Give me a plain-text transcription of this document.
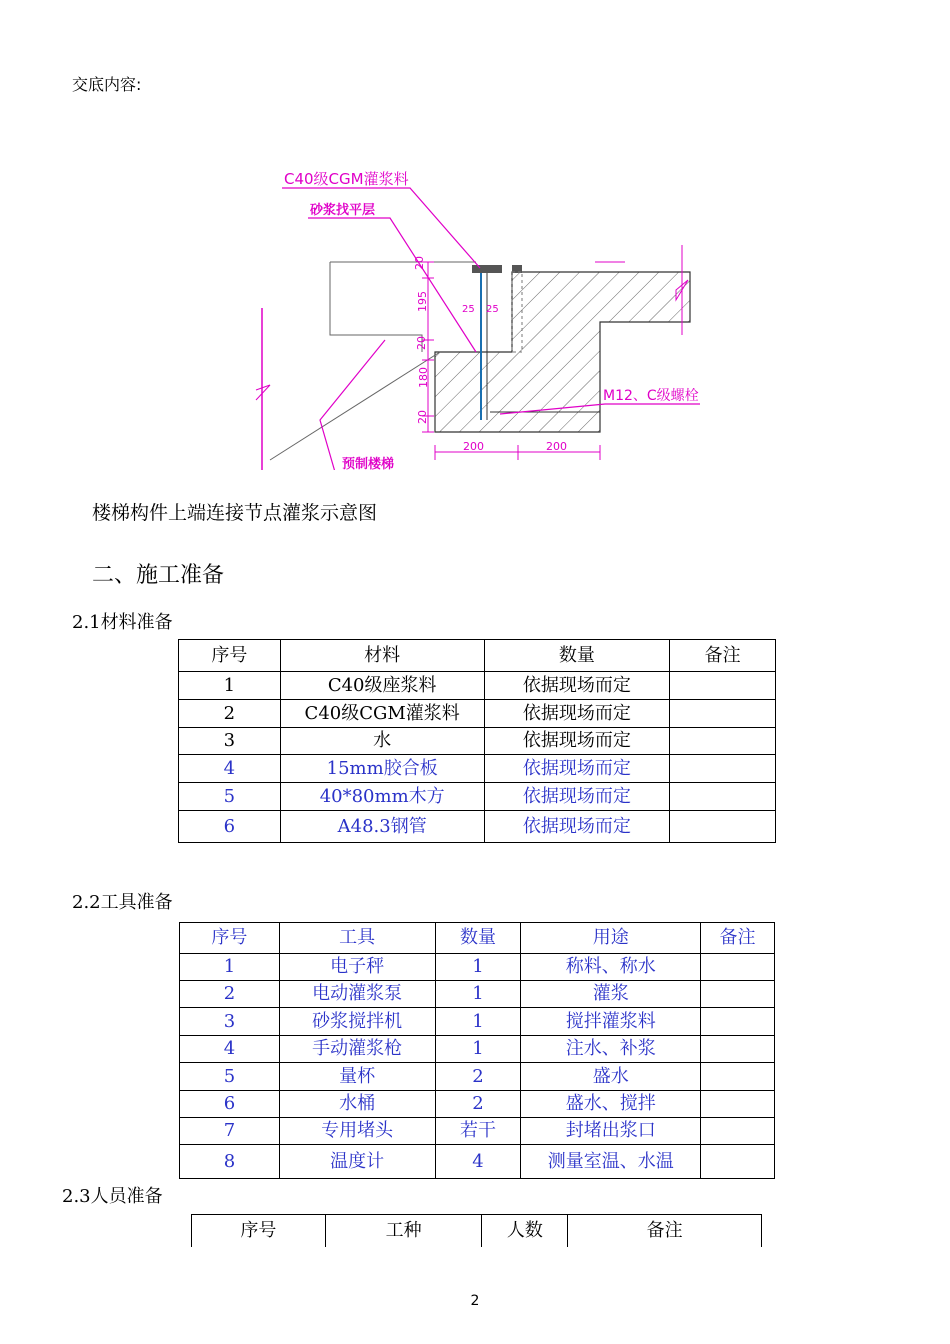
交底内容:
20
195
20
180
20
25 25
200	200
C40级CGM灌浆料
砂浆找平层
预制楼梯
M12、C级螺栓
楼梯构件上端连接节点灌浆示意图
二、施工准备
2.1材料准备
序号	材料	数量	备注
1	C40级座浆料	依据现场而定	
2	C40级CGM灌浆料	依据现场而定	
3	水	依据现场而定	
4	15mm胶合板	依据现场而定	
5	40*80mm木方	依据现场而定	
6	A48.3钢管	依据现场而定	
2.2工具准备
序号	工具	数量	用途	备注
1	电子秤	1	称料、称水	
2	电动灌浆泵	1	灌浆	
3	砂浆搅拌机	1	搅拌灌浆料	
4	手动灌浆枪	1	注水、补浆	
5	量杯	2	盛水	
6	水桶	2	盛水、搅拌	
7	专用堵头	若干	封堵出浆口	
8	温度计	4	测量室温、水温	
2.3人员准备
序号	工种	人数	备注
2
